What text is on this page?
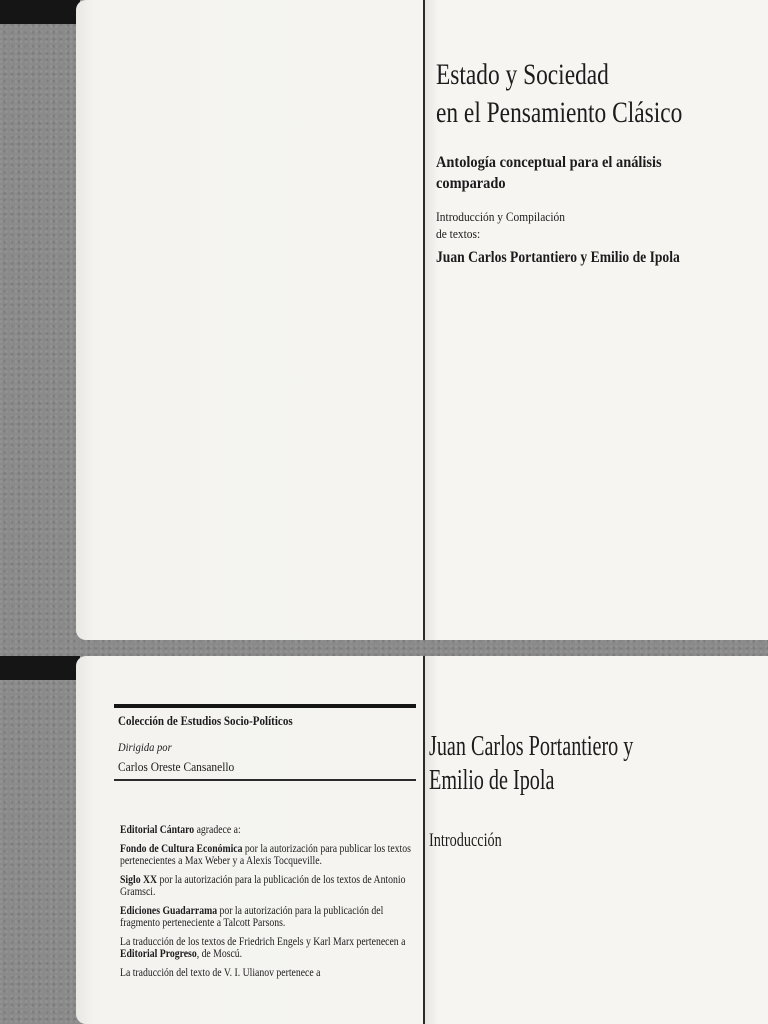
Estado y Sociedad
en el Pensamiento Clásico
Antología conceptual para el análisis
comparado
Introducción y Compilación
de textos:
Juan Carlos Portantiero y Emilio de Ipola
Colección de Estudios Socio-Políticos
Dirigida por
Carlos Oreste Cansanello

Editorial Cántaro agradece a:

Fondo de Cultura Económica por la autorización para publicar los textos pertenecientes a Max Weber y a Alexis Tocqueville.

Siglo XX por la autorización para la publicación de los textos de Antonio Gramsci.

Ediciones Guadarrama por la autorización para la publicación del fragmento perteneciente a Talcott Parsons.

La traducción de los textos de Friedrich Engels y Karl Marx pertenecen a Editorial Progreso, de Moscú.

La traducción del texto de V. I. Ulianov pertenece a

Juan Carlos Portantiero y
Emilio de Ipola
Introducción
